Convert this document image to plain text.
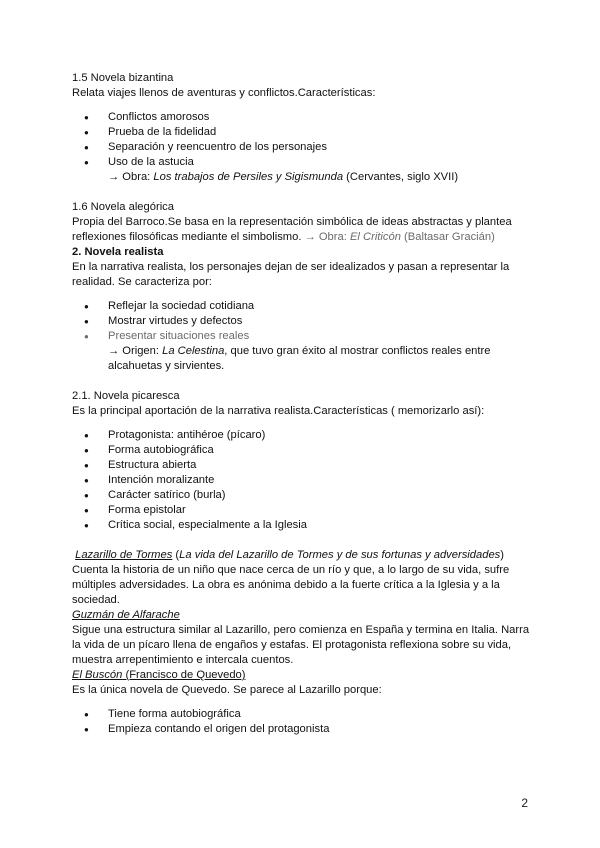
1.5 Novela bizantina

Relata viajes llenos de aventuras y conflictos.Características:

● Conflictos amorosos
● Prueba de la fidelidad
● Separación y reencuentro de los personajes
● Uso de la astucia

→ Obra: Los trabajos de Persiles y Sigismunda (Cervantes, siglo XVII)

1.6 Novela alegórica

Propia del Barroco.Se basa en la representación simbólica de ideas abstractas y plantea reflexiones filosóficas mediante el simbolismo. → Obra: El Criticón (Baltasar Gracián)

2. Novela realista

En la narrativa realista, los personajes dejan de ser idealizados y pasan a representar la realidad. Se caracteriza por:

● Reflejar la sociedad cotidiana
● Mostrar virtudes y defectos
● Presentar situaciones reales

→ Origen: La Celestina, que tuvo gran éxito al mostrar conflictos reales entre alcahuetas y sirvientes.

2.1. Novela picaresca

Es la principal aportación de la narrativa realista.Características ( memorizarlo así):

● Protagonista: antihéroe (pícaro)
● Forma autobiográfica
● Estructura abierta
● Intención moralizante
● Carácter satírico (burla)
● Forma epistolar
● Crítica social, especialmente a la Iglesia

Lazarillo de Tormes (La vida del Lazarillo de Tormes y de sus fortunas y adversidades)

Cuenta la historia de un niño que nace cerca de un río y que, a lo largo de su vida, sufre múltiples adversidades. La obra es anónima debido a la fuerte crítica a la Iglesia y a la sociedad.

Guzmán de Alfarache

Sigue una estructura similar al Lazarillo, pero comienza en España y termina en Italia. Narra la vida de un pícaro llena de engaños y estafas. El protagonista reflexiona sobre su vida, muestra arrepentimiento e intercala cuentos.

El Buscón (Francisco de Quevedo)

Es la única novela de Quevedo. Se parece al Lazarillo porque:

● Tiene forma autobiográfica
● Empieza contando el origen del protagonista
2
